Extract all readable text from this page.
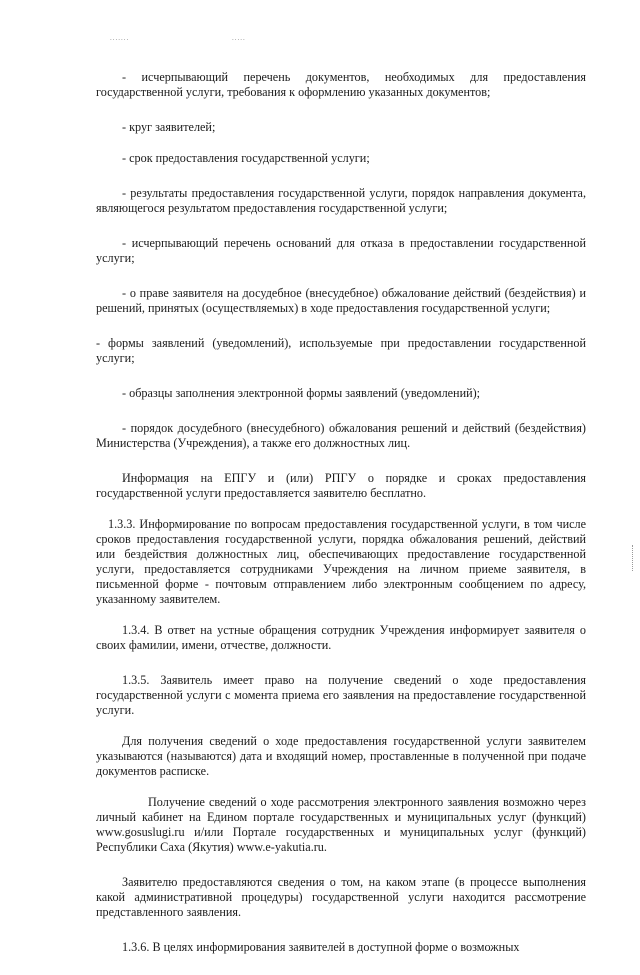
.......	.....

- исчерпывающий перечень документов, необходимых для предоставления государственной услуги, требования к оформлению указанных документов;

- круг заявителей;

- срок предоставления государственной услуги;

- результаты предоставления государственной услуги, порядок направления документа, являющегося результатом предоставления государственной услуги;

- исчерпывающий перечень оснований для отказа в предоставлении государственной услуги;

- о праве заявителя на досудебное (внесудебное) обжалование действий (бездействия) и решений, принятых (осуществляемых) в ходе предоставления государственной услуги;

- формы заявлений (уведомлений), используемые при предоставлении государственной услуги;

- образцы заполнения электронной формы заявлений (уведомлений);

- порядок досудебного (внесудебного) обжалования решений и действий (бездействия) Министерства (Учреждения), а также его должностных лиц.

Информация на ЕПГУ и (или) РПГУ о порядке и сроках предоставления государственной услуги предоставляется заявителю бесплатно.

1.3.3. Информирование по вопросам предоставления государственной услуги, в том числе сроков предоставления государственной услуги, порядка обжалования решений, действий или бездействия должностных лиц, обеспечивающих предоставление государственной услуги, предоставляется сотрудниками Учреждения на личном приеме заявителя, в письменной форме - почтовым отправлением либо электронным сообщением по адресу, указанному заявителем.

1.3.4. В ответ на устные обращения сотрудник Учреждения информирует заявителя о своих фамилии, имени, отчестве, должности.

1.3.5. Заявитель имеет право на получение сведений о ходе предоставления государственной услуги с момента приема его заявления на предоставление государственной услуги.

Для получения сведений о ходе предоставления государственной услуги заявителем указываются (называются) дата и входящий номер, проставленные в полученной при подаче документов расписке.

Получение сведений о ходе рассмотрения электронного заявления возможно через личный кабинет на Едином портале государственных и муниципальных услуг (функций) www.gosuslugi.ru и/или Портале государственных и муниципальных услуг (функций) Республики Саха (Якутия) www.e-yakutia.ru.

Заявителю предоставляются сведения о том, на каком этапе (в процессе выполнения какой административной процедуры) государственной услуги находится рассмотрение представленного заявления.

1.3.6. В целях информирования заявителей в доступной форме о возможных
